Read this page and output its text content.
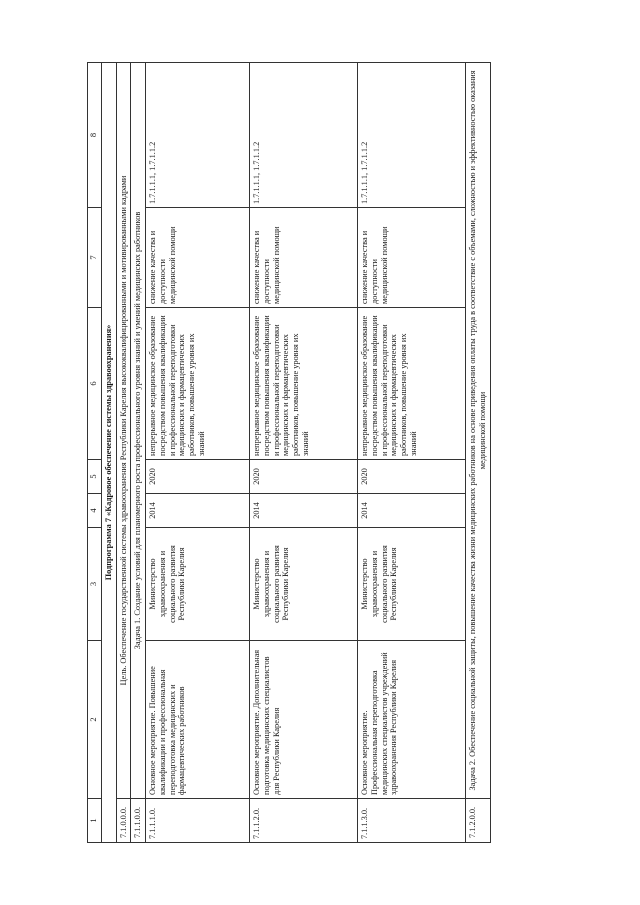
1	2	3	4	5	6	7	8
Подпрограмма 7 «Кадровое обеспечение системы здравоохранения»							
7.1.0.0.0.	Цель. Обеспечение государственной системы здравоохранения Республики Карелия высококвалифицированными и мотивированными кадрами						
7.1.1.0.0.	Задача 1. Создание условий для планомерного роста профессионального уровня знаний и умений медицинских работников						
7.1.1.1.0.	Основное мероприятие. Повышение квалификации и профессиональная переподготовка медицинских и фармацевтических работников	Министерство здравоохранения и социального развития Республики Карелия	2014	2020	непрерывное медицинское образование посредством повышения квалификации и профессиональной переподготовки медицинских и фармацевтических работников, повышение уровня их знаний	снижение качества и доступности медицинской помощи	1.7.1.1.1, 1.7.1.1.2
7.1.1.2.0.	Основное мероприятие. Дополнительная подготовка медицинских специалистов для Республики Карелия	Министерство здравоохранения и социального развития Республики Карелия	2014	2020	непрерывное медицинское образование посредством повышения квалификации и профессиональной переподготовки медицинских и фармацевтических работников, повышение уровня их знаний	снижение качества и доступности медицинской помощи	1.7.1.1.1, 1.7.1.1.2
7.1.1.3.0.	Основное мероприятие. Профессиональная переподготовка медицинских специалистов учреждений здравоохранения Республики Карелия	Министерство здравоохранения и социального развития Республики Карелия	2014	2020	непрерывное медицинское образование посредством повышения квалификации и профессиональной переподготовки медицинских и фармацевтических работников, повышение уровня их знаний	снижение качества и доступности медицинской помощи	1.7.1.1.1, 1.7.1.1.2
7.1.2.0.0.	Задача 2. Обеспечение социальной защиты, повышение качества жизни медицинских работников на основе приведения оплаты труда в соответствие с объемами, сложностью и эффективностью оказания медицинской помощи						
